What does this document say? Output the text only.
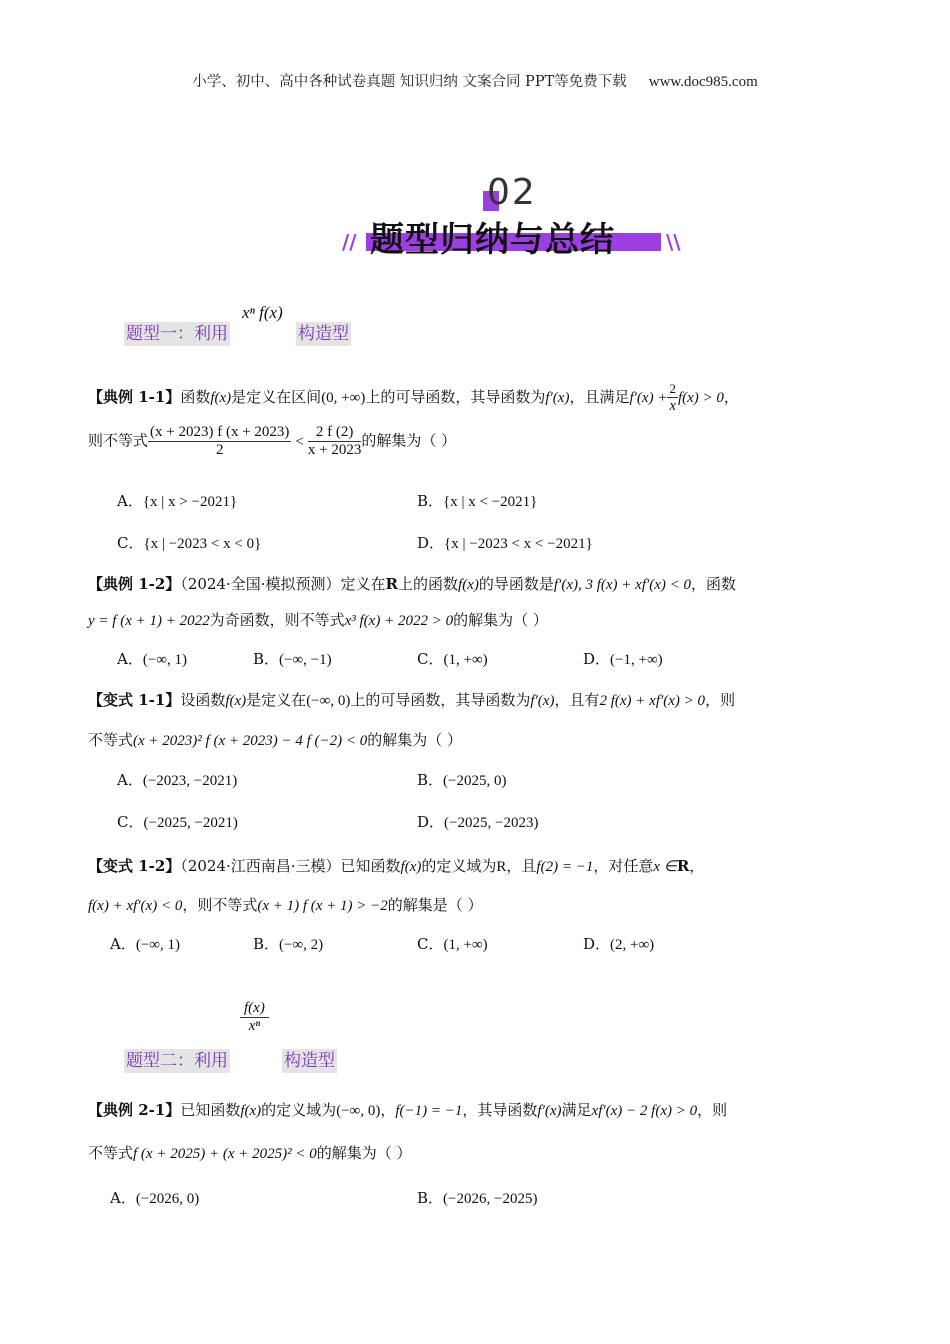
小学、初中、高中各种试卷真题 知识归纳 文案合同 PPT等免费下载 www.doc985.com
02
题型归纳与总结
//	\\
xⁿ f(x)
题型一：利用	构造型
【典例 1-1】函数f(x)是定义在区间(0, +∞)上的可导函数，其导函数为f′(x)，且满足$f'(x) + \frac{2}{x} f(x) > 0$，
则不等式 $\frac{(x + 2023) f (x + 2023)}{2} < \frac{2 f (2)}{x + 2023}$ 的解集为（ ）
A．{x | x > −2021}	B．{x | x < −2021}
C．{x | −2023 < x < 0}	D．{x | −2023 < x < −2021}
【典例 1-2】（2024·全国·模拟预测）定义在R上的函数f(x)的导函数是f′(x), 3 f(x) + xf′(x) < 0，函数
y = f (x + 1) + 2022为奇函数，则不等式x³ f(x) + 2022 > 0的解集为（ ）
A．(−∞, 1)	B．(−∞, −1)	C．(1, +∞)	D．(−1, +∞)
【变式 1-1】设函数f(x)是定义在(−∞, 0)上的可导函数，其导函数为f′(x)，且有2 f(x) + xf′(x) > 0，则
不等式(x + 2023)² f (x + 2023) − 4 f (−2) < 0的解集为（ ）
A．(−2023, −2021)	B．(−2025, 0)
C．(−2025, −2021)	D．(−2025, −2023)
【变式 1-2】（2024·江西南昌·三模）已知函数f(x)的定义域为R，且f(2) = −1，对任意x ∈R，
f(x) + xf′(x) < 0，则不等式(x + 1) f (x + 1) > −2的解集是（ ）
A．(−∞, 1)	B．(−∞, 2)	C．(1, +∞)	D．(2, +∞)
$\frac{f(x)}{\text{xⁿ}}$
题型二：利用	构造型
【典例 2-1】已知函数f(x)的定义域为(−∞, 0)，f(−1) = −1，其导函数f′(x)满足xf′(x) − 2 f(x) > 0，则
不等式f (x + 2025) + (x + 2025)² < 0的解集为（ ）
A．(−2026, 0)	B．(−2026, −2025)
